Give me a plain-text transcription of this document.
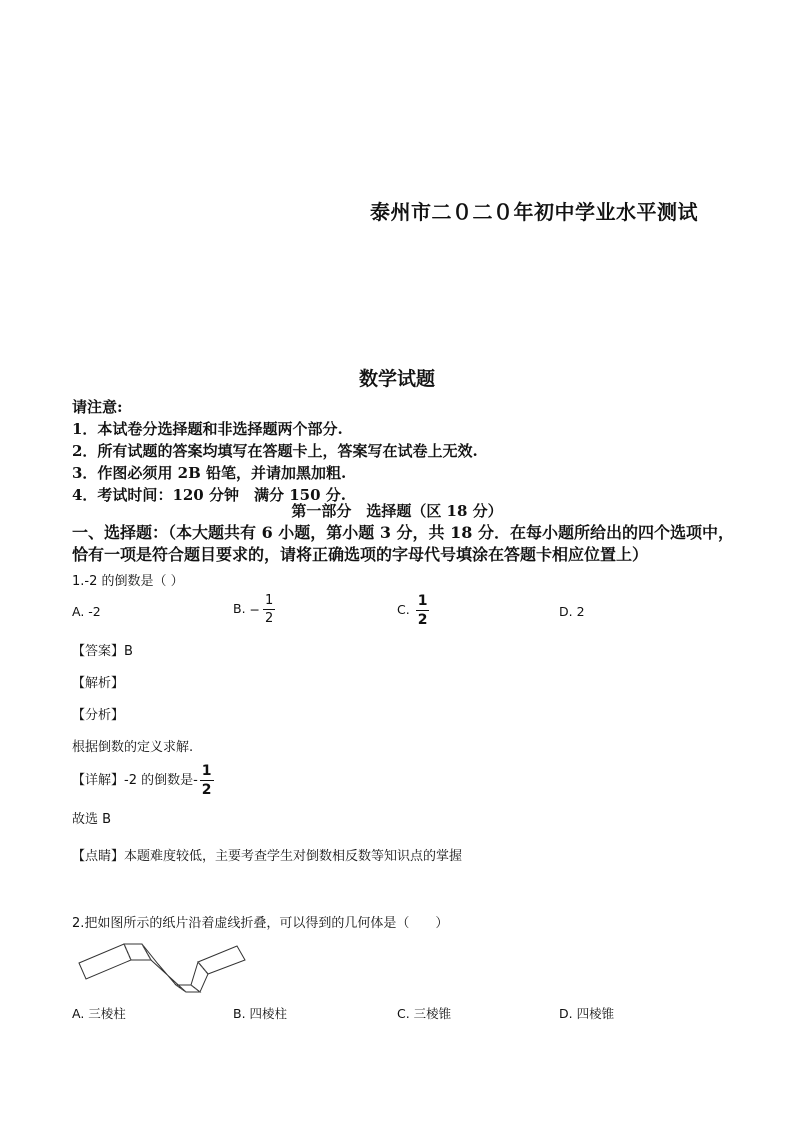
泰州市二０二０年初中学业水平测试
数学试题
请注意:
1．本试卷分选择题和非选择题两个部分.
2．所有试题的答案均填写在答题卡上，答案写在试卷上无效.
3．作图必须用 2B 铅笔，并请加黑加粗.
4．考试时间：120 分钟　满分 150 分.
第一部分　选择题（区 18 分）
一、选择题：（本大题共有 6 小题，第小题 3 分，共 18 分．在每小题所给出的四个选项中，
恰有一项是符合题目要求的，请将正确选项的字母代号填涂在答题卡相应位置上）
1.-2 的倒数是（ ）
A. -2	B. − $\frac{1}{2}$	C. $\frac{1}{2}$	D. 2
【答案】B
【解析】
【分析】
根据倒数的定义求解.
【详解】-2 的倒数是- $\frac{1}{2}$
故选 B
【点睛】本题难度较低，主要考查学生对倒数相反数等知识点的掌握
2.把如图所示的纸片沿着虚线折叠，可以得到的几何体是（　　）
A. 三棱柱	B. 四棱柱	C. 三棱锥	D. 四棱锥
